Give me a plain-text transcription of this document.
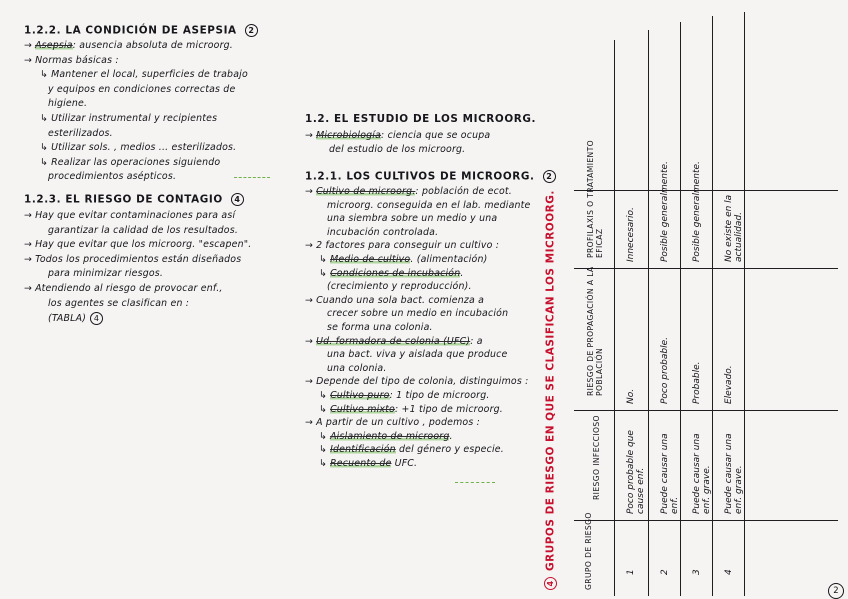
1.2.2. LA CONDICIÓN DE ASEPSIA 2
→ Asepsia: ausencia absoluta de microorg.
→ Normas básicas :
↳ Mantener el local, superficies de trabajo
y equipos en condiciones correctas de
higiene.
↳ Utilizar instrumental y recipientes
esterilizados.
↳ Utilizar sols. , medios ... esterilizados.
↳ Realizar las operaciones siguiendo
procedimientos asépticos.
1.2.3. EL RIESGO DE CONTAGIO 4
→ Hay que evitar contaminaciones para así
garantizar la calidad de los resultados.
→ Hay que evitar que los microorg. "escapen".
→ Todos los procedimientos están diseñados
para minimizar riesgos.
→ Atendiendo al riesgo de provocar enf.,
los agentes se clasifican en :
(TABLA) 4
1.2. EL ESTUDIO DE LOS MICROORG.
→ Microbiología: ciencia que se ocupa
del estudio de los microorg.
1.2.1. LOS CULTIVOS DE MICROORG. 2
→ Cultivo de microorg.: población de ecot.
microorg. conseguida en el lab. mediante
una siembra sobre un medio y una
incubación controlada.
→ 2 factores para conseguir un cultivo :
↳ Medio de cultivo. (alimentación)
↳ Condiciones de incubación.
(crecimiento y reproducción).
→ Cuando una sola bact. comienza a
crecer sobre un medio en incubación
se forma una colonia.
→ Ud. formadora de colonia (UFC): a
una bact. viva y aislada que produce
una colonia.
→ Depende del tipo de colonia, distinguimos :
↳ Cultivo puro: 1 tipo de microorg.
↳ Cultivo mixto: +1 tipo de microorg.
→ A partir de un cultivo , podemos :
↳ Aislamiento de microorg.
↳ Identificación del género y especie.
↳ Recuento de UFC.
4GRUPOS DE RIESGO EN QUE SE CLASIFICAN LOS MICROORG.	GRUPO DE RIESGO
RIESGO INFECCIOSO
RIESGO DE PROPAGACIÓN A LA POBLACIÓN
PROFILAXIS O TRATAMIENTO EFICAZ
1
Poco probable que cause enf.
No.
Innecesario.
2
Puede causar una enf.
Poco probable.
Posible generalmente.
3
Puede causar una enf. grave.
Probable.
Posible generalmente.
4
Puede causar una enf. grave.
Elevado.
No existe en la actualidad.
2
